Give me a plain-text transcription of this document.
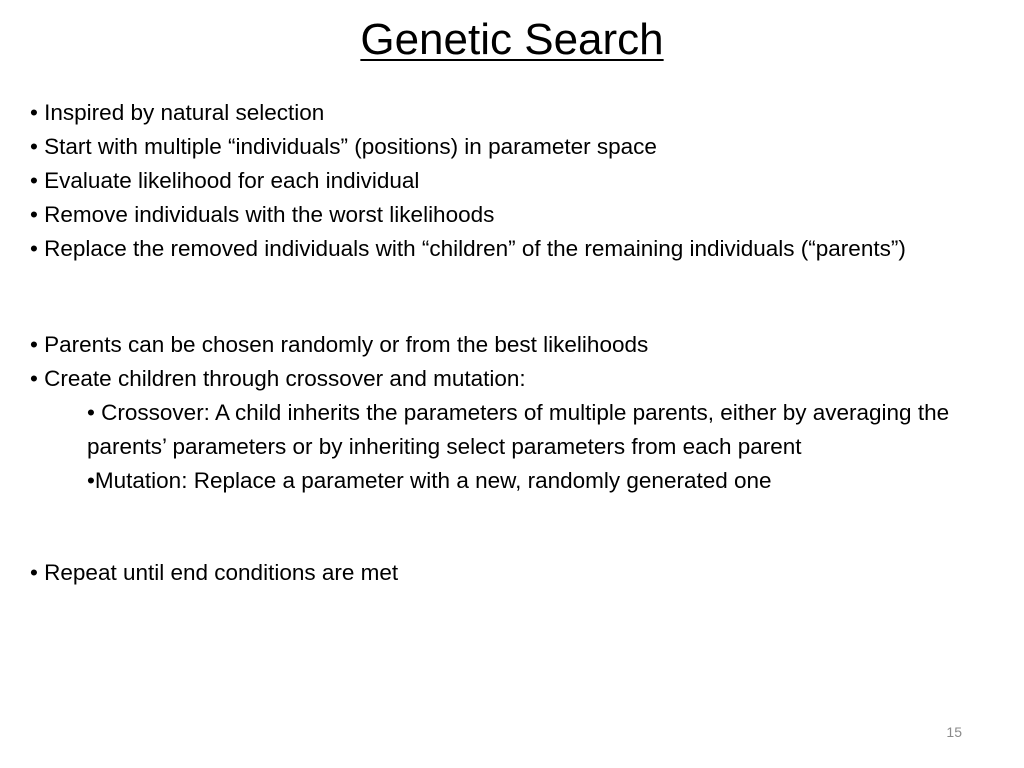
Genetic Search
• Inspired by natural selection
• Start with multiple “individuals” (positions) in parameter space
• Evaluate likelihood for each individual
• Remove individuals with the worst likelihoods
• Replace the removed individuals with “children” of the remaining individuals (“parents”)
• Parents can be chosen randomly or from the best likelihoods
• Create children through crossover and mutation:
• Crossover: A child inherits the parameters of multiple parents, either by averaging the parents’ parameters or by inheriting select parameters from each parent
•Mutation: Replace a parameter with a new, randomly generated one
• Repeat until end conditions are met
15
